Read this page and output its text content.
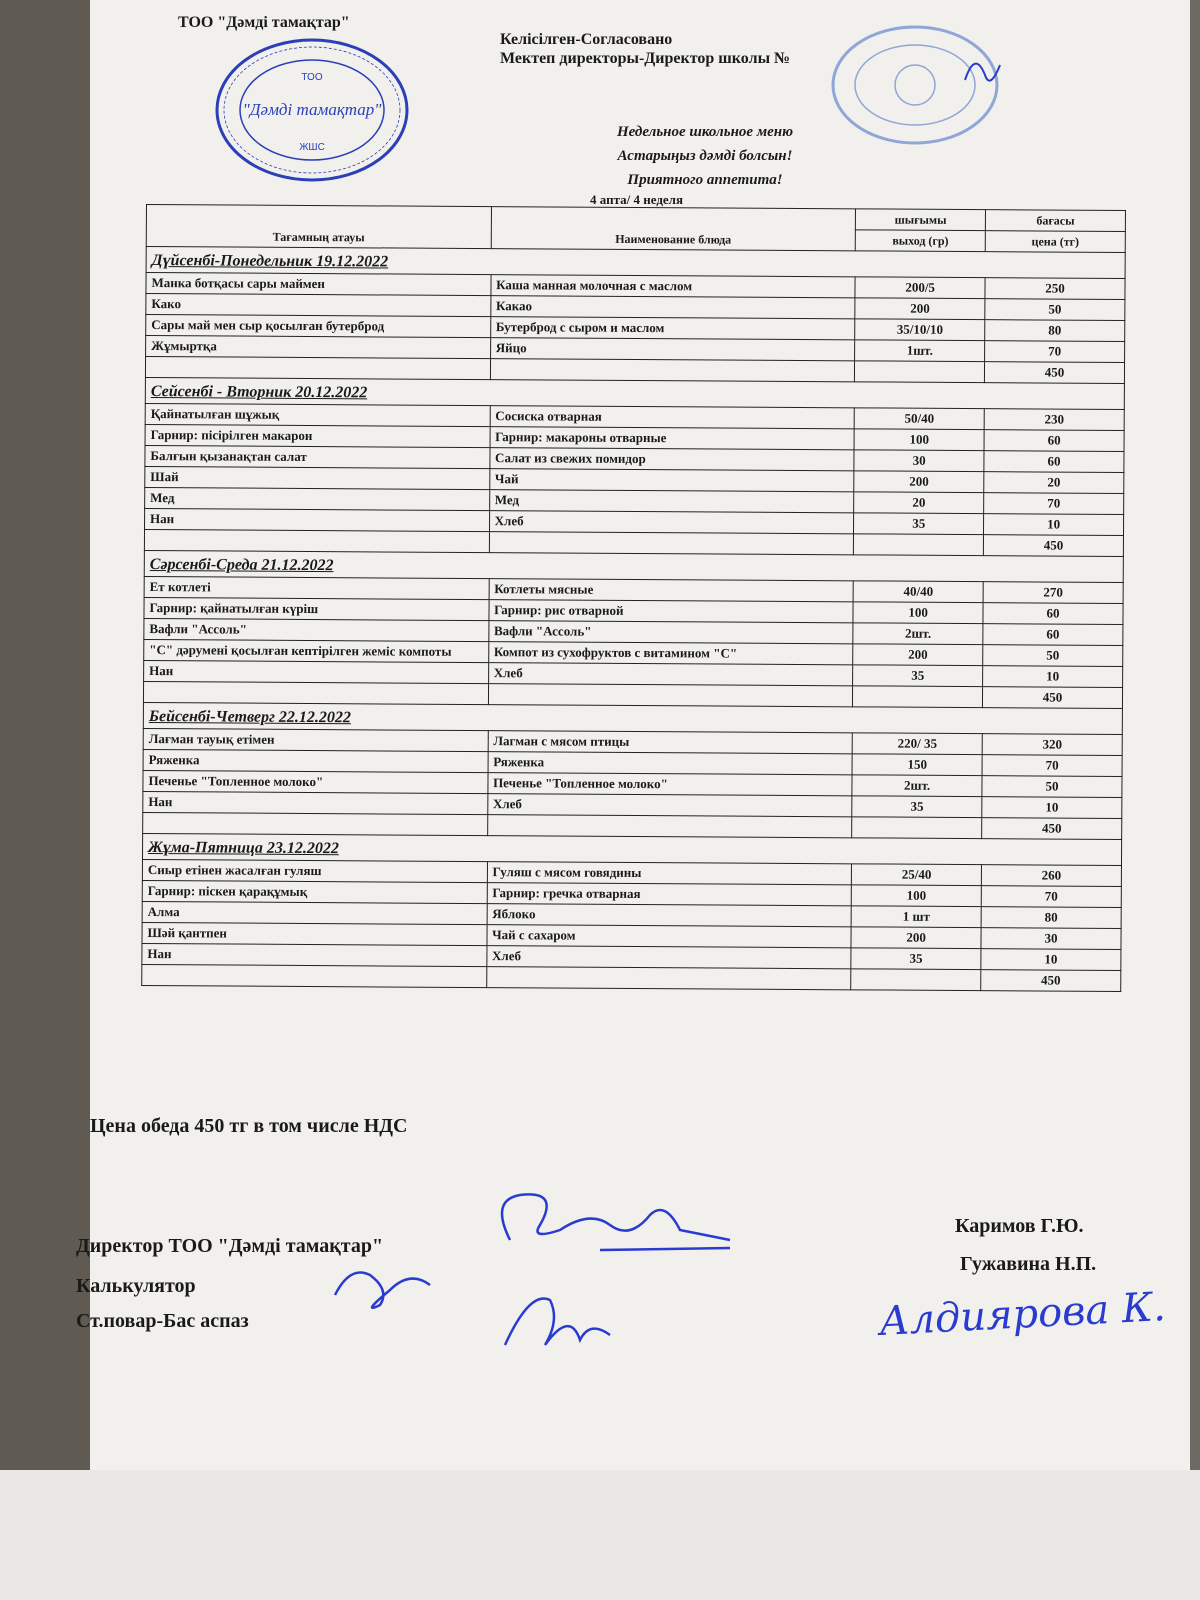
ТОО "Дәмді тамақтар"
Келісілген-Согласовано
Мектеп директоры-Директор школы №
ТОО
"Дәмді тамақтар"
ЖШС
Недельное школьное меню
Астарыңыз дәмді болсын!
Приятного аппетита!
4 апта/ 4 неделя
Тағамның атауы	Наименование блюда	шығымы	бағасы
		выход (гр)	цена (тг)
Дүйсенбі-Понедельник 19.12.2022			
Манка ботқасы сары маймен	Каша манная молочная с маслом	200/5	250
Како	Какао	200	50
Сары май мен сыр қосылған бутерброд	Бутерброд с сыром и маслом	35/10/10	80
Жұмыртқа	Яйцо	1шт.	70
			450
Сейсенбі - Вторник 20.12.2022			
Қайнатылған шұжық	Сосиска отварная	50/40	230
Гарнир: пісірілген макарон	Гарнир: макароны отварные	100	60
Балғын қызанақтан салат	Салат из свежих помидор	30	60
Шай	Чай	200	20
Мед	Мед	20	70
Нан	Хлеб	35	10
			450
Сәрсенбі-Среда 21.12.2022			
Ет котлеті	Котлеты мясные	40/40	270
Гарнир: қайнатылған күріш	Гарнир: рис отварной	100	60
Вафли "Ассоль"	Вафли "Ассоль"	2шт.	60
"С" дәрумені қосылған кептірілген жеміс компоты	Компот из сухофруктов с витамином "С"	200	50
Нан	Хлеб	35	10
			450
Бейсенбі-Четверг 22.12.2022			
Лағман тауық етімен	Лагман с мясом птицы	220/ 35	320
Ряженка	Ряженка	150	70
Печенье "Топленное молоко"	Печенье "Топленное молоко"	2шт.	50
Нан	Хлеб	35	10
			450
Жұма-Пятница 23.12.2022			
Сиыр етінен жасалған гуляш	Гуляш с мясом говядины	25/40	260
Гарнир: піскен қарақұмық	Гарнир: гречка отварная	100	70
Алма	Яблоко	1 шт	80
Шәй қантпен	Чай с сахаром	200	30
Нан	Хлеб	35	10
			450
Цена обеда 450 тг в том числе НДС
Директор ТОО "Дәмді тамақтар"
Калькулятор
Ст.повар-Бас аспаз
Каримов Г.Ю.
Гужавина Н.П.
Алдиярова К.
